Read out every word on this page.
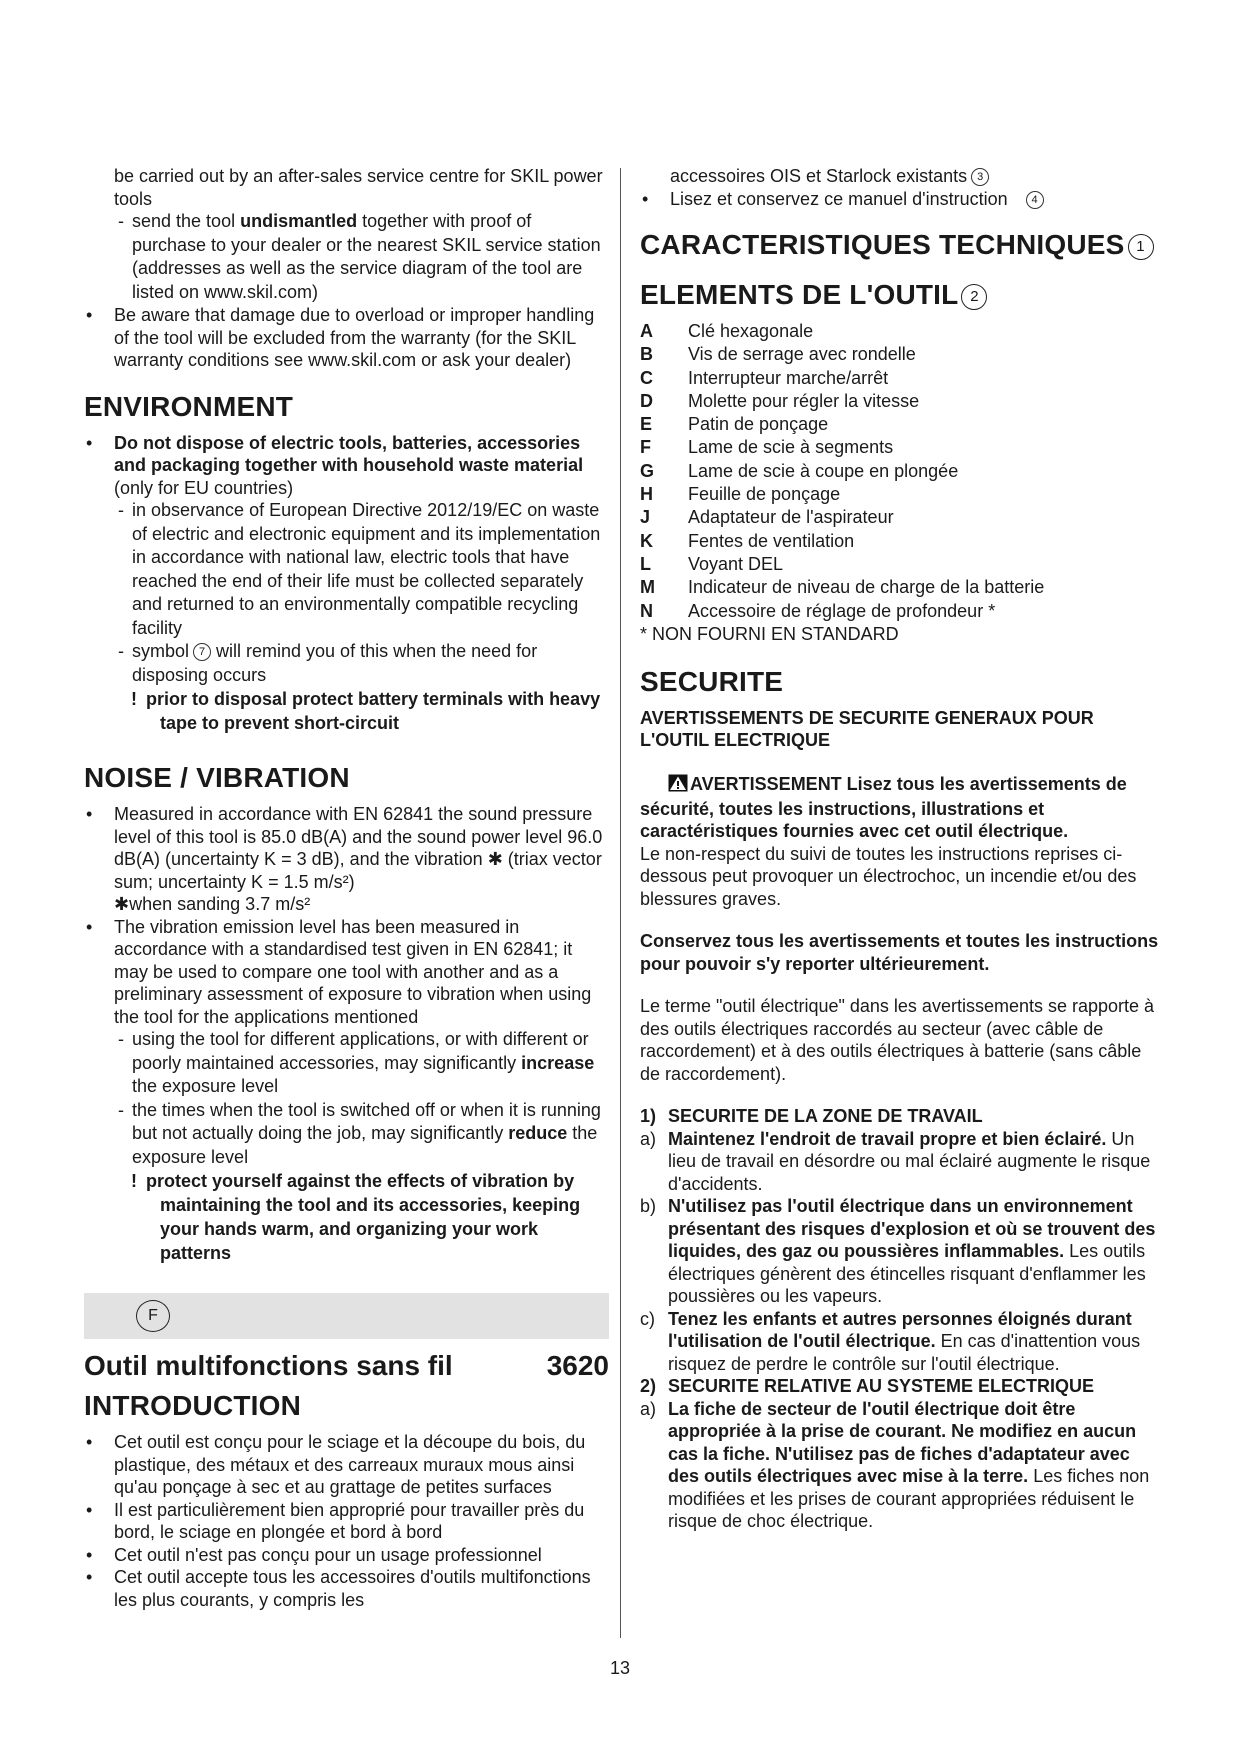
be carried out by an after-sales service centre for SKIL power tools

- send the tool undismantled together with proof of purchase to your dealer or the nearest SKIL service station (addresses as well as the service diagram of the tool are listed on www.skil.com)

• Be aware that damage due to overload or improper handling of the tool will be excluded from the warranty (for the SKIL warranty conditions see www.skil.com or ask your dealer)

ENVIRONMENT

• Do not dispose of electric tools, batteries, accessories and packaging together with household waste material (only for EU countries)

- in observance of European Directive 2012/19/EC on waste of electric and electronic equipment and its implementation in accordance with national law, electric tools that have reached the end of their life must be collected separately and returned to an environmentally compatible recycling facility

- symbol 7 will remind you of this when the need for disposing occurs

! prior to disposal protect battery terminals with heavy tape to prevent short-circuit

NOISE / VIBRATION

• Measured in accordance with EN 62841 the sound pressure level of this tool is 85.0 dB(A) and the sound power level 96.0 dB(A) (uncertainty K = 3 dB), and the vibration ✱ (triax vector sum; uncertainty K = 1.5 m/s²)
✱when sanding 3.7 m/s²

• The vibration emission level has been measured in accordance with a standardised test given in EN 62841; it may be used to compare one tool with another and as a preliminary assessment of exposure to vibration when using the tool for the applications mentioned

- using the tool for different applications, or with different or poorly maintained accessories, may significantly increase the exposure level

- the times when the tool is switched off or when it is running but not actually doing the job, may significantly reduce the exposure level

! protect yourself against the effects of vibration by maintaining the tool and its accessories, keeping your hands warm, and organizing your work patterns

F
Outil multifonctions sans fil	3620
INTRODUCTION

• Cet outil est conçu pour le sciage et la découpe du bois, du plastique, des métaux et des carreaux muraux mous ainsi qu'au ponçage à sec et au grattage de petites surfaces

• Il est particulièrement bien approprié pour travailler près du bord, le sciage en plongée et bord à bord

• Cet outil n'est pas conçu pour un usage professionnel

• Cet outil accepte tous les accessoires d'outils multifonctions les plus courants, y compris les

accessoires OIS et Starlock existants 3

• Lisez et conservez ce manuel d'instruction 4

CARACTERISTIQUES TECHNIQUES 1
ELEMENTS DE L'OUTIL 2
A	Clé hexagonale
B	Vis de serrage avec rondelle
C	Interrupteur marche/arrêt
D	Molette pour régler la vitesse
E	Patin de ponçage
F	Lame de scie à segments
G	Lame de scie à coupe en plongée
H	Feuille de ponçage
J	Adaptateur de l'aspirateur
K	Fentes de ventilation
L	Voyant DEL
M	Indicateur de niveau de charge de la batterie
N	Accessoire de réglage de profondeur *

* NON FOURNI EN STANDARD

SECURITE

AVERTISSEMENTS DE SECURITE GENERAUX POUR L'OUTIL ELECTRIQUE

AVERTISSEMENT Lisez tous les avertissements de sécurité, toutes les instructions, illustrations et caractéristiques fournies avec cet outil électrique.

Le non-respect du suivi de toutes les instructions reprises ci-dessous peut provoquer un électrochoc, un incendie et/ou des blessures graves.

Conservez tous les avertissements et toutes les instructions pour pouvoir s'y reporter ultérieurement.

Le terme "outil électrique" dans les avertissements se rapporte à des outils électriques raccordés au secteur (avec câble de raccordement) et à des outils électriques à batterie (sans câble de raccordement).

1) SECURITE DE LA ZONE DE TRAVAIL

a) Maintenez l'endroit de travail propre et bien éclairé. Un lieu de travail en désordre ou mal éclairé augmente le risque d'accidents.

b) N'utilisez pas l'outil électrique dans un environnement présentant des risques d'explosion et où se trouvent des liquides, des gaz ou poussières inflammables. Les outils électriques génèrent des étincelles risquant d'enflammer les poussières ou les vapeurs.

c) Tenez les enfants et autres personnes éloignés durant l'utilisation de l'outil électrique. En cas d'inattention vous risquez de perdre le contrôle sur l'outil électrique.

2) SECURITE RELATIVE AU SYSTEME ELECTRIQUE

a) La fiche de secteur de l'outil électrique doit être appropriée à la prise de courant. Ne modifiez en aucun cas la fiche. N'utilisez pas de fiches d'adaptateur avec des outils électriques avec mise à la terre. Les fiches non modifiées et les prises de courant appropriées réduisent le risque de choc électrique.

13
